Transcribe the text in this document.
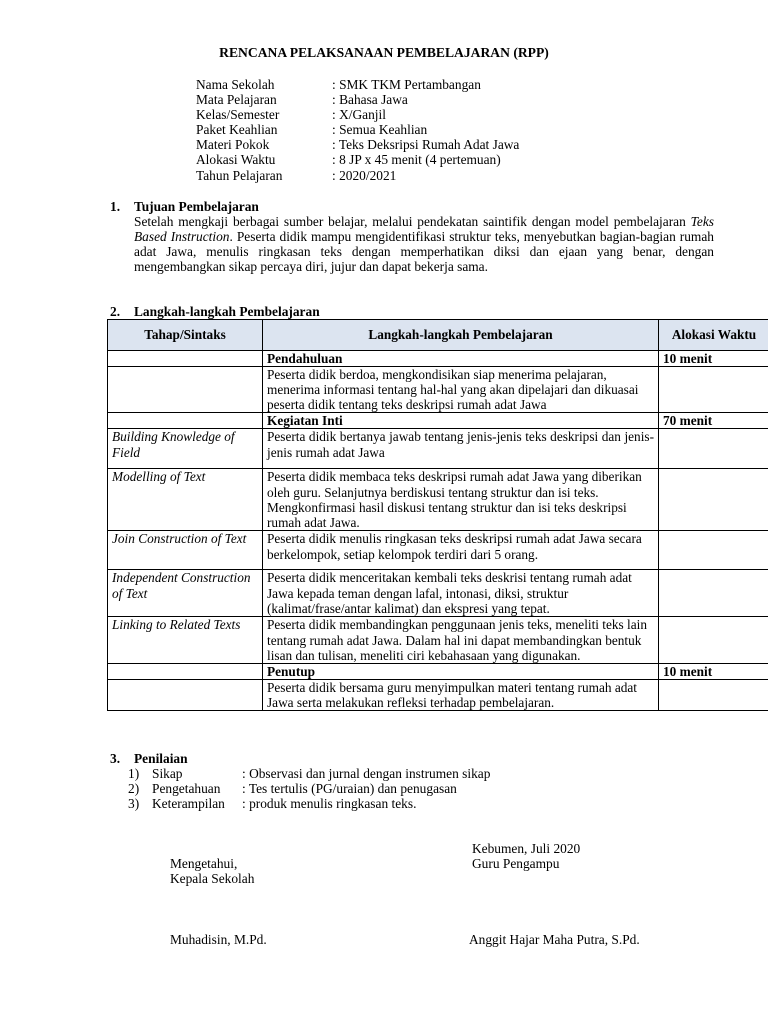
RENCANA PELAKSANAAN PEMBELAJARAN (RPP)
Nama Sekolah	: SMK TKM Pertambangan
Mata Pelajaran	: Bahasa Jawa
Kelas/Semester	: X/Ganjil
Paket Keahlian	: Semua Keahlian
Materi Pokok	: Teks Deksripsi Rumah Adat Jawa
Alokasi Waktu	: 8 JP x 45 menit (4 pertemuan)
Tahun Pelajaran	: 2020/2021
1. Tujuan Pembelajaran
Setelah mengkaji berbagai sumber belajar, melalui pendekatan saintifik dengan model pembelajaran Teks Based Instruction. Peserta didik mampu mengidentifikasi struktur teks, menyebutkan bagian-bagian rumah adat Jawa, menulis ringkasan teks dengan memperhatikan diksi dan ejaan yang benar, dengan mengembangkan sikap percaya diri, jujur dan dapat bekerja sama.
2. Langkah-langkah Pembelajaran
Tahap/Sintaks	Langkah-langkah Pembelajaran	Alokasi Waktu
	Pendahuluan	10 menit
	Peserta didik berdoa, mengkondisikan siap menerima pelajaran, menerima informasi tentang hal-hal yang akan dipelajari dan dikuasai peserta didik tentang teks deskripsi rumah adat Jawa	
	Kegiatan Inti	70 menit
Building Knowledge of Field	Peserta didik bertanya jawab tentang jenis-jenis teks deskripsi dan jenis-jenis rumah adat Jawa	
Modelling of Text	Peserta didik membaca teks deskripsi rumah adat Jawa yang diberikan oleh guru. Selanjutnya berdiskusi tentang struktur dan isi teks. Mengkonfirmasi hasil diskusi tentang struktur dan isi teks deskripsi rumah adat Jawa.	
Join Construction of Text	Peserta didik menulis ringkasan teks deskripsi rumah adat Jawa secara berkelompok, setiap kelompok terdiri dari 5 orang.	
Independent Construction of Text	Peserta didik menceritakan kembali teks deskrisi tentang rumah adat Jawa kepada teman dengan lafal, intonasi, diksi, struktur (kalimat/frase/antar kalimat) dan ekspresi yang tepat.	
Linking to Related Texts	Peserta didik membandingkan penggunaan jenis teks, meneliti teks lain tentang rumah adat Jawa. Dalam hal ini dapat membandingkan bentuk lisan dan tulisan, meneliti ciri kebahasaan yang digunakan.	
	Penutup	10 menit
	Peserta didik bersama guru menyimpulkan materi tentang rumah adat Jawa serta melakukan refleksi terhadap pembelajaran.	
3. Penilaian
1) Sikap	: Observasi dan jurnal dengan instrumen sikap
2) Pengetahuan	: Tes tertulis (PG/uraian) dan penugasan
3) Keterampilan	: produk menulis ringkasan teks.
Kebumen, Juli 2020
Guru Pengampu
Mengetahui,
Kepala Sekolah
Muhadisin, M.Pd.	Anggit Hajar Maha Putra, S.Pd.
